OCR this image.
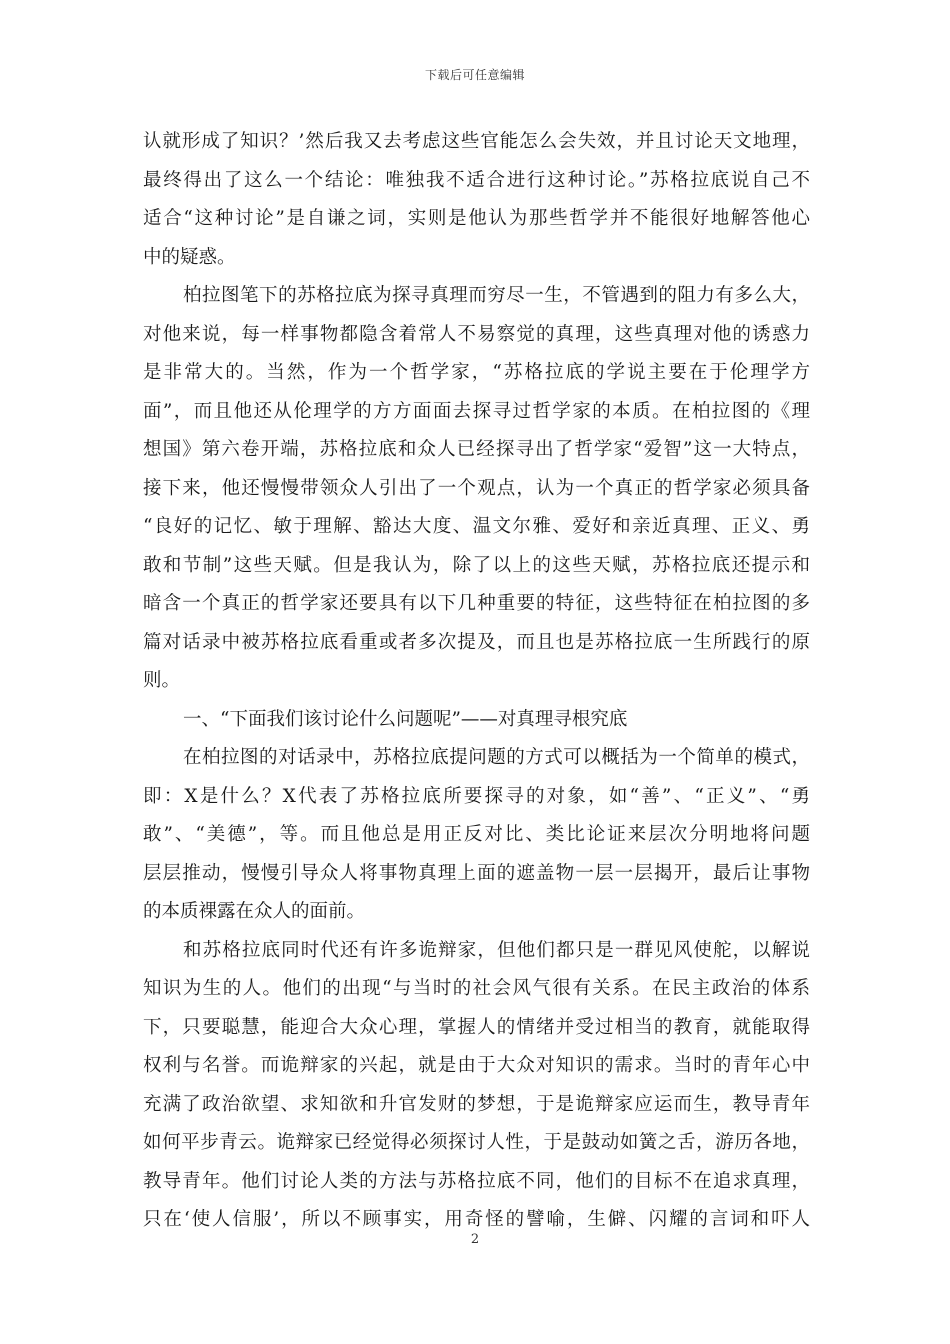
下载后可任意编辑
认就形成了知识？’然后我又去考虑这些官能怎么会失效，并且讨论天文地理，
最终得出了这么一个结论：唯独我不适合进行这种讨论。”苏格拉底说自己不
适合“这种讨论”是自谦之词，实则是他认为那些哲学并不能很好地解答他心
中的疑惑。
柏拉图笔下的苏格拉底为探寻真理而穷尽一生，不管遇到的阻力有多么大，
对他来说，每一样事物都隐含着常人不易察觉的真理，这些真理对他的诱惑力
是非常大的。当然，作为一个哲学家，“苏格拉底的学说主要在于伦理学方
面”，而且他还从伦理学的方方面面去探寻过哲学家的本质。在柏拉图的《理
想国》第六卷开端，苏格拉底和众人已经探寻出了哲学家“爱智”这一大特点，
接下来，他还慢慢带领众人引出了一个观点，认为一个真正的哲学家必须具备
“良好的记忆、敏于理解、豁达大度、温文尔雅、爱好和亲近真理、正义、勇
敢和节制”这些天赋。但是我认为，除了以上的这些天赋，苏格拉底还提示和
暗含一个真正的哲学家还要具有以下几种重要的特征，这些特征在柏拉图的多
篇对话录中被苏格拉底看重或者多次提及，而且也是苏格拉底一生所践行的原
则。
一、“下面我们该讨论什么问题呢”——对真理寻根究底
在柏拉图的对话录中，苏格拉底提问题的方式可以概括为一个简单的模式，
即：X是什么？X代表了苏格拉底所要探寻的对象，如“善”、“正义”、“勇
敢”、“美德”，等。而且他总是用正反对比、类比论证来层次分明地将问题
层层推动，慢慢引导众人将事物真理上面的遮盖物一层一层揭开，最后让事物
的本质裸露在众人的面前。
和苏格拉底同时代还有许多诡辩家，但他们都只是一群见风使舵，以解说
知识为生的人。他们的出现“与当时的社会风气很有关系。在民主政治的体系
下，只要聪慧，能迎合大众心理，掌握人的情绪并受过相当的教育，就能取得
权利与名誉。而诡辩家的兴起，就是由于大众对知识的需求。当时的青年心中
充满了政治欲望、求知欲和升官发财的梦想，于是诡辩家应运而生，教导青年
如何平步青云。诡辩家已经觉得必须探讨人性，于是鼓动如簧之舌，游历各地，
教导青年。他们讨论人类的方法与苏格拉底不同，他们的目标不在追求真理，
只在‘使人信服’，所以不顾事实，用奇怪的譬喻，生僻、闪耀的言词和吓人
2
